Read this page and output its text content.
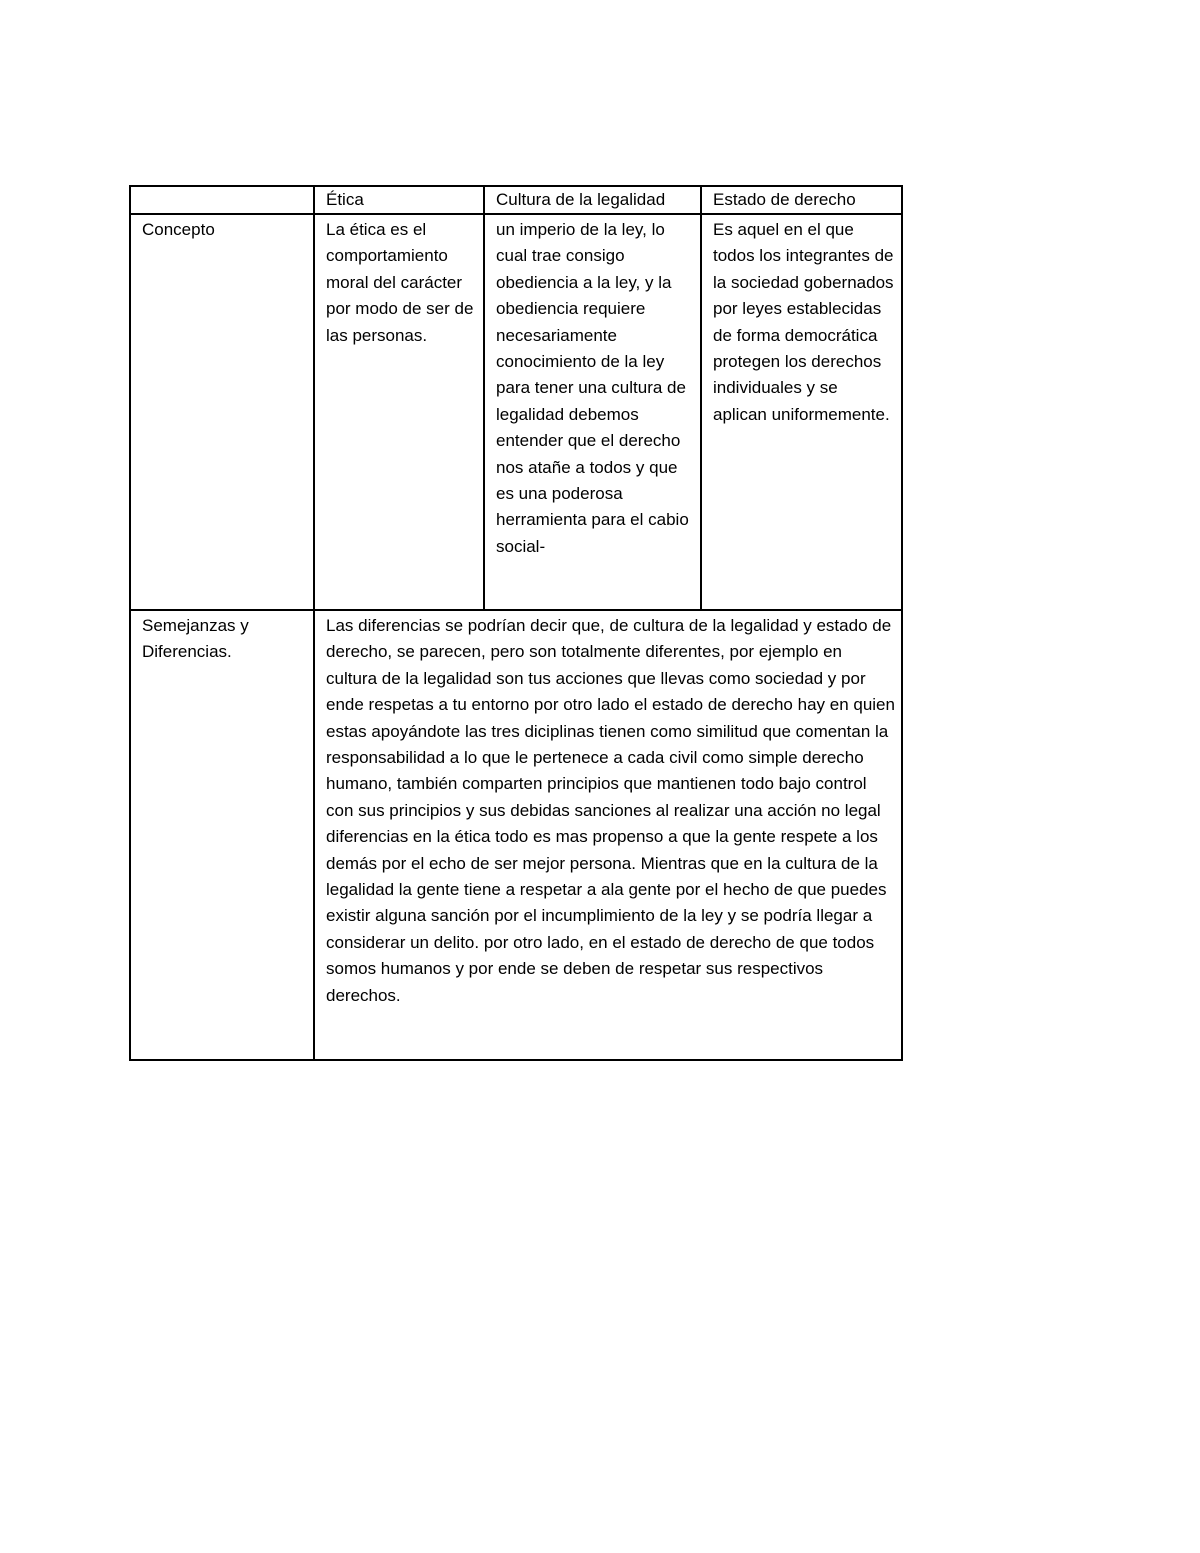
	Ética	Cultura de la legalidad	Estado de derecho
Concepto	La ética es el comportamiento moral del carácter por modo de ser de las personas.	un imperio de la ley, lo cual trae consigo obediencia a la ley, y la obediencia requiere necesariamente conocimiento de la ley para tener una cultura de legalidad debemos entender que el derecho nos atañe a todos y que es una poderosa herramienta para el cabio social-	Es aquel en el que todos los integrantes de la sociedad gobernados por leyes establecidas de forma democrática protegen los derechos individuales y se aplican uniformemente.
Semejanzas y Diferencias.	Las diferencias se podrían decir que, de cultura de la legalidad y estado de derecho, se parecen, pero son totalmente diferentes, por ejemplo en cultura de la legalidad son tus acciones que llevas como sociedad y por ende respetas a tu entorno por otro lado el estado de derecho hay en quien estas apoyándote las tres diciplinas tienen como similitud que comentan la responsabilidad a lo que le pertenece a cada civil como simple derecho humano, también comparten principios que mantienen todo bajo control con sus principios y sus debidas sanciones al realizar una acción no legal diferencias en la ética todo es mas propenso a que la gente respete a los demás por el echo de ser mejor persona. Mientras que en la cultura de la legalidad la gente tiene a respetar a ala gente por el hecho de que puedes existir alguna sanción por el incumplimiento de la ley y se podría llegar a considerar un delito. por otro lado, en el estado de derecho de que todos somos humanos y por ende se deben de respetar sus respectivos derechos.		
